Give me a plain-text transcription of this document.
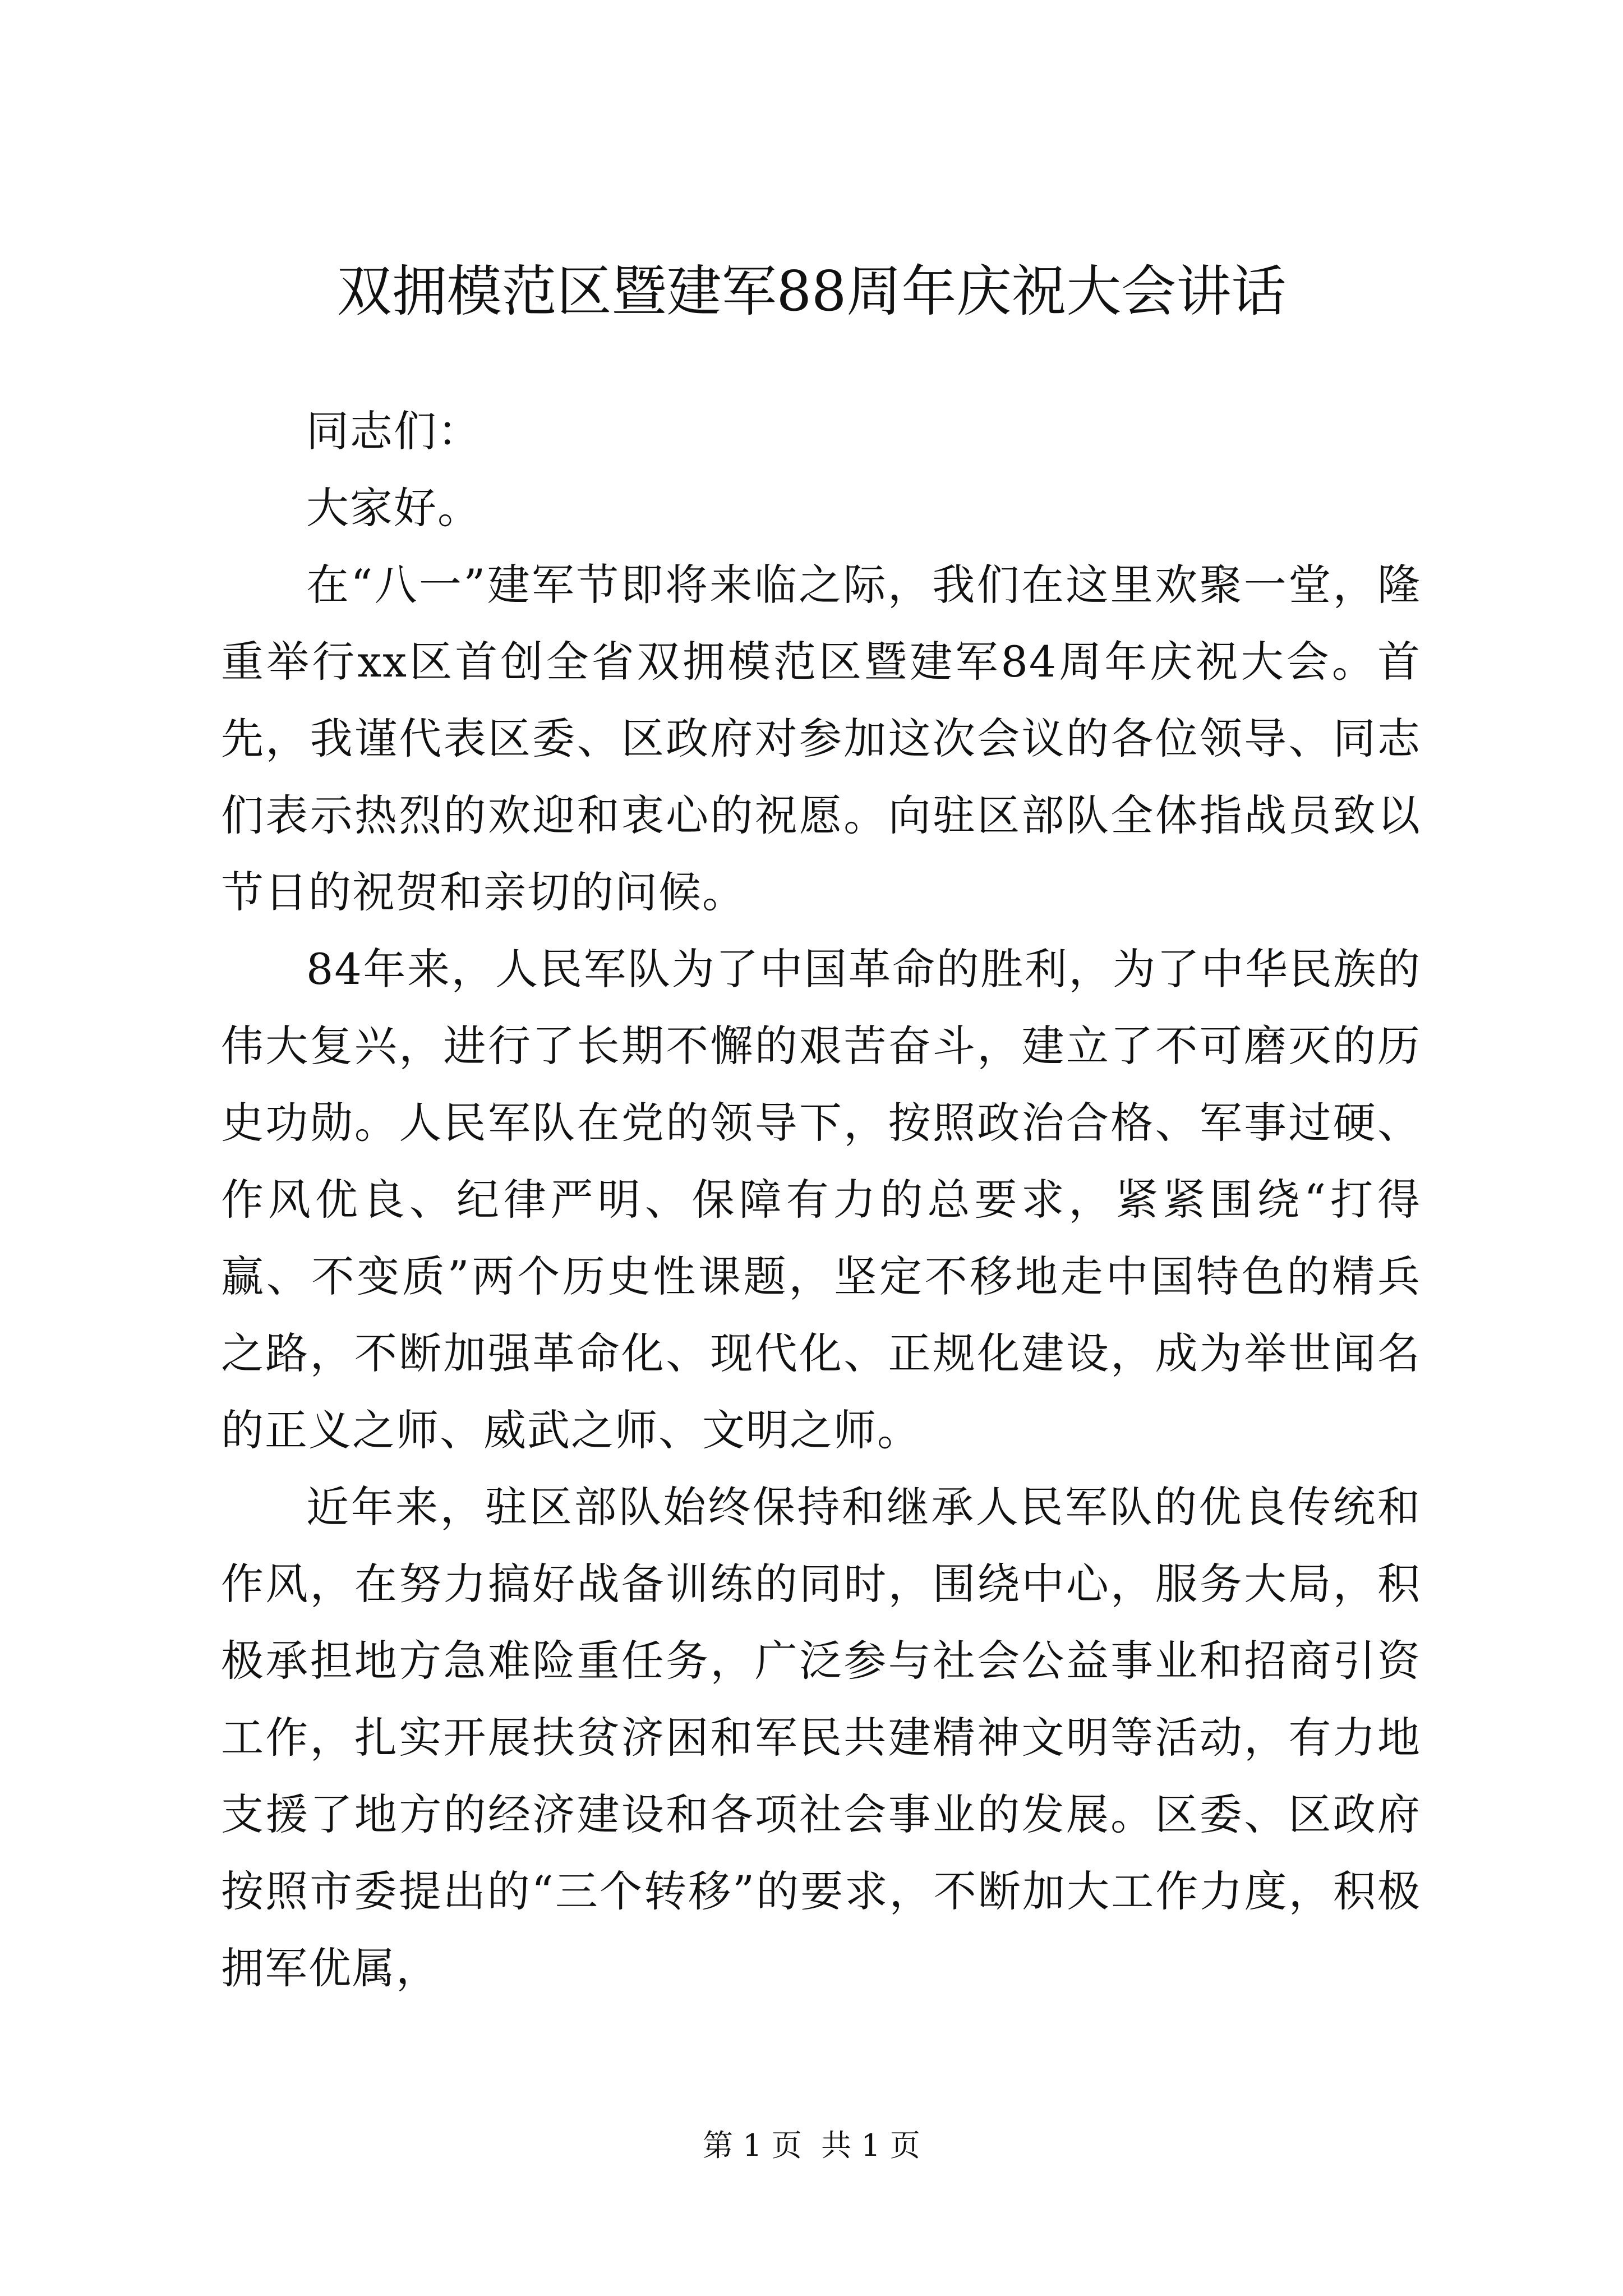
双拥模范区暨建军88周年庆祝大会讲话

同志们：

大家好。

在“八一”建军节即将来临之际，我们在这里欢聚一堂，隆重举行xx区首创全省双拥模范区暨建军84周年庆祝大会。首先，我谨代表区委、区政府对参加这次会议的各位领导、同志们表示热烈的欢迎和衷心的祝愿。向驻区部队全体指战员致以节日的祝贺和亲切的问候。

84年来，人民军队为了中国革命的胜利，为了中华民族的伟大复兴，进行了长期不懈的艰苦奋斗，建立了不可磨灭的历史功勋。人民军队在党的领导下，按照政治合格、军事过硬、作风优良、纪律严明、保障有力的总要求，紧紧围绕“打得赢、不变质”两个历史性课题，坚定不移地走中国特色的精兵之路，不断加强革命化、现代化、正规化建设，成为举世闻名的正义之师、威武之师、文明之师。

近年来，驻区部队始终保持和继承人民军队的优良传统和作风，在努力搞好战备训练的同时，围绕中心，服务大局，积极承担地方急难险重任务，广泛参与社会公益事业和招商引资工作，扎实开展扶贫济困和军民共建精神文明等活动，有力地支援了地方的经济建设和各项社会事业的发展。区委、区政府按照市委提出的“三个转移”的要求，不断加大工作力度，积极拥军优属，

第 1 页  共 1 页
